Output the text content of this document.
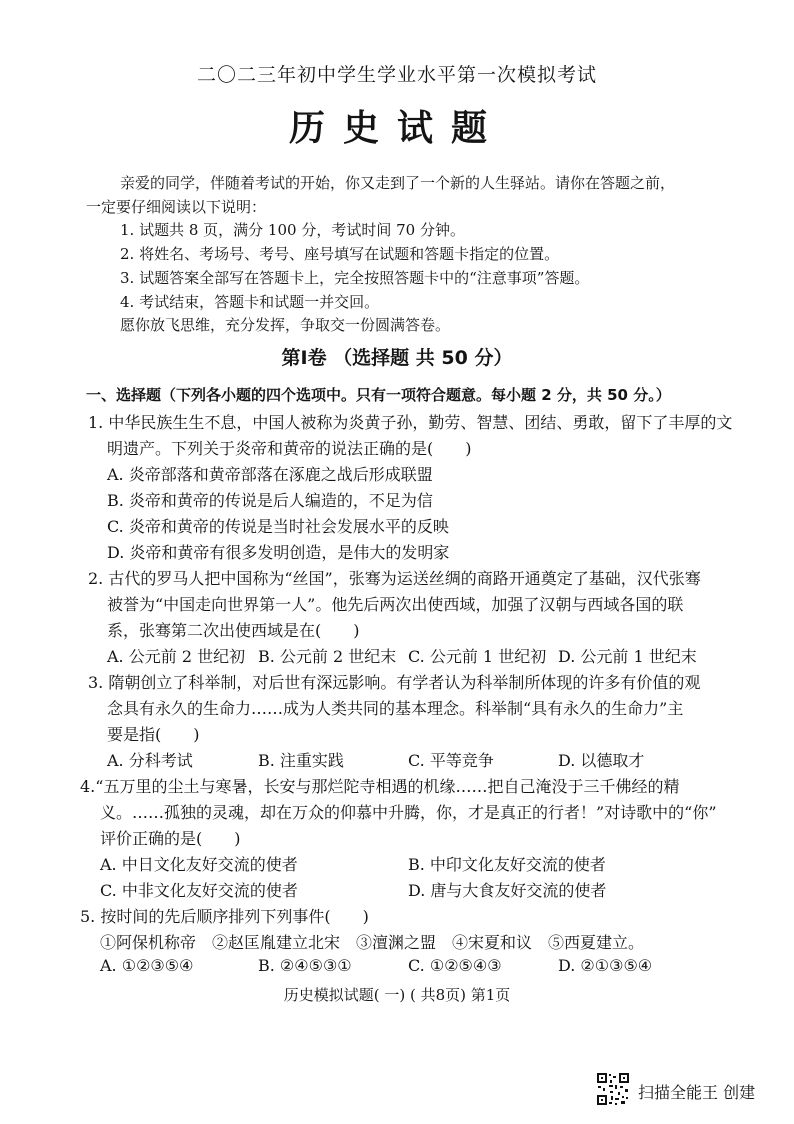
二〇二三年初中学生学业水平第一次模拟考试
历史试题
亲爱的同学，伴随着考试的开始，你又走到了一个新的人生驿站。请你在答题之前，
一定要仔细阅读以下说明：
1. 试题共 8 页，满分 100 分，考试时间 70 分钟。
2. 将姓名、考场号、考号、座号填写在试题和答题卡指定的位置。
3. 试题答案全部写在答题卡上，完全按照答题卡中的“注意事项”答题。
4. 考试结束，答题卡和试题一并交回。
愿你放飞思维，充分发挥，争取交一份圆满答卷。
第Ⅰ卷 （选择题 共 50 分）
一、选择题（下列各小题的四个选项中。只有一项符合题意。每小题 2 分，共 50 分。）
1. 中华民族生生不息，中国人被称为炎黄子孙，勤劳、智慧、团结、勇敢，留下了丰厚的文
明遗产。下列关于炎帝和黄帝的说法正确的是(　　)
A. 炎帝部落和黄帝部落在涿鹿之战后形成联盟
B. 炎帝和黄帝的传说是后人编造的，不足为信
C. 炎帝和黄帝的传说是当时社会发展水平的反映
D. 炎帝和黄帝有很多发明创造，是伟大的发明家
2. 古代的罗马人把中国称为“丝国”，张骞为运送丝绸的商路开通奠定了基础，汉代张骞
被誉为“中国走向世界第一人”。他先后两次出使西域，加强了汉朝与西域各国的联
系，张骞第二次出使西域是在(　　)
A. 公元前 2 世纪初 B. 公元前 2 世纪末 C. 公元前 1 世纪初 D. 公元前 1 世纪末
3. 隋朝创立了科举制，对后世有深远影响。有学者认为科举制所体现的许多有价值的观
念具有永久的生命力……成为人类共同的基本理念。科举制“具有永久的生命力”主
要是指(　　)
A. 分科考试	B. 注重实践	C. 平等竞争	D. 以德取才
4.“五万里的尘土与寒暑，长安与那烂陀寺相遇的机缘……把自己淹没于三千佛经的精
义。……孤独的灵魂，却在万众的仰慕中升腾，你，才是真正的行者！”对诗歌中的“你”
评价正确的是(　　)
A. 中日文化友好交流的使者	B. 中印文化友好交流的使者
C. 中非文化友好交流的使者	D. 唐与大食友好交流的使者
5. 按时间的先后顺序排列下列事件(　　)
①阿保机称帝　②赵匡胤建立北宋　③澶渊之盟　④宋夏和议　⑤西夏建立。
A. ①②③⑤④	B. ②④⑤③①	C. ①②⑤④③	D. ②①③⑤④
历史模拟试题( 一) ( 共8页) 第1页
扫描全能王 创建
